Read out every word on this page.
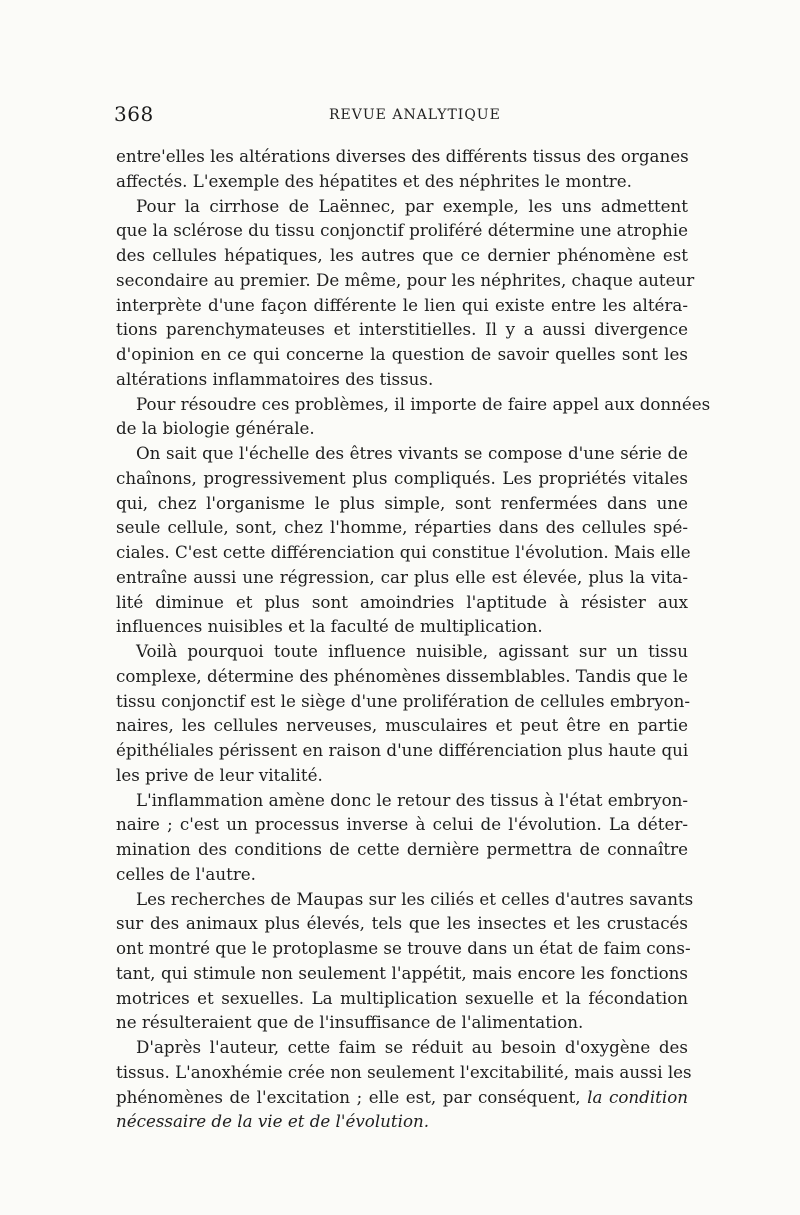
368	REVUE ANALYTIQUE
entre'elles les altérations diverses des différents tissus des organes
affectés. L'exemple des hépatites et des néphrites le montre.
Pour la cirrhose de Laënnec, par exemple, les uns admettent
que la sclérose du tissu conjonctif proliféré détermine une atrophie
des cellules hépatiques, les autres que ce dernier phénomène est
secondaire au premier. De même, pour les néphrites, chaque auteur
interprète d'une façon différente le lien qui existe entre les altéra-
tions parenchymateuses et interstitielles. Il y a aussi divergence
d'opinion en ce qui concerne la question de savoir quelles sont les
altérations inflammatoires des tissus.
Pour résoudre ces problèmes, il importe de faire appel aux données
de la biologie générale.
On sait que l'échelle des êtres vivants se compose d'une série de
chaînons, progressivement plus compliqués. Les propriétés vitales
qui, chez l'organisme le plus simple, sont renfermées dans une
seule cellule, sont, chez l'homme, réparties dans des cellules spé-
ciales. C'est cette différenciation qui constitue l'évolution. Mais elle
entraîne aussi une régression, car plus elle est élevée, plus la vita-
lité diminue et plus sont amoindries l'aptitude à résister aux
influences nuisibles et la faculté de multiplication.
Voilà pourquoi toute influence nuisible, agissant sur un tissu
complexe, détermine des phénomènes dissemblables. Tandis que le
tissu conjonctif est le siège d'une prolifération de cellules embryon-
naires, les cellules nerveuses, musculaires et peut être en partie
épithéliales périssent en raison d'une différenciation plus haute qui
les prive de leur vitalité.
L'inflammation amène donc le retour des tissus à l'état embryon-
naire ; c'est un processus inverse à celui de l'évolution. La déter-
mination des conditions de cette dernière permettra de connaître
celles de l'autre.
Les recherches de Maupas sur les ciliés et celles d'autres savants
sur des animaux plus élevés, tels que les insectes et les crustacés
ont montré que le protoplasme se trouve dans un état de faim cons-
tant, qui stimule non seulement l'appétit, mais encore les fonctions
motrices et sexuelles. La multiplication sexuelle et la fécondation
ne résulteraient que de l'insuffisance de l'alimentation.
D'après l'auteur, cette faim se réduit au besoin d'oxygène des
tissus. L'anoxhémie crée non seulement l'excitabilité, mais aussi les
phénomènes de l'excitation ; elle est, par conséquent, la condition
nécessaire de la vie et de l'évolution.
